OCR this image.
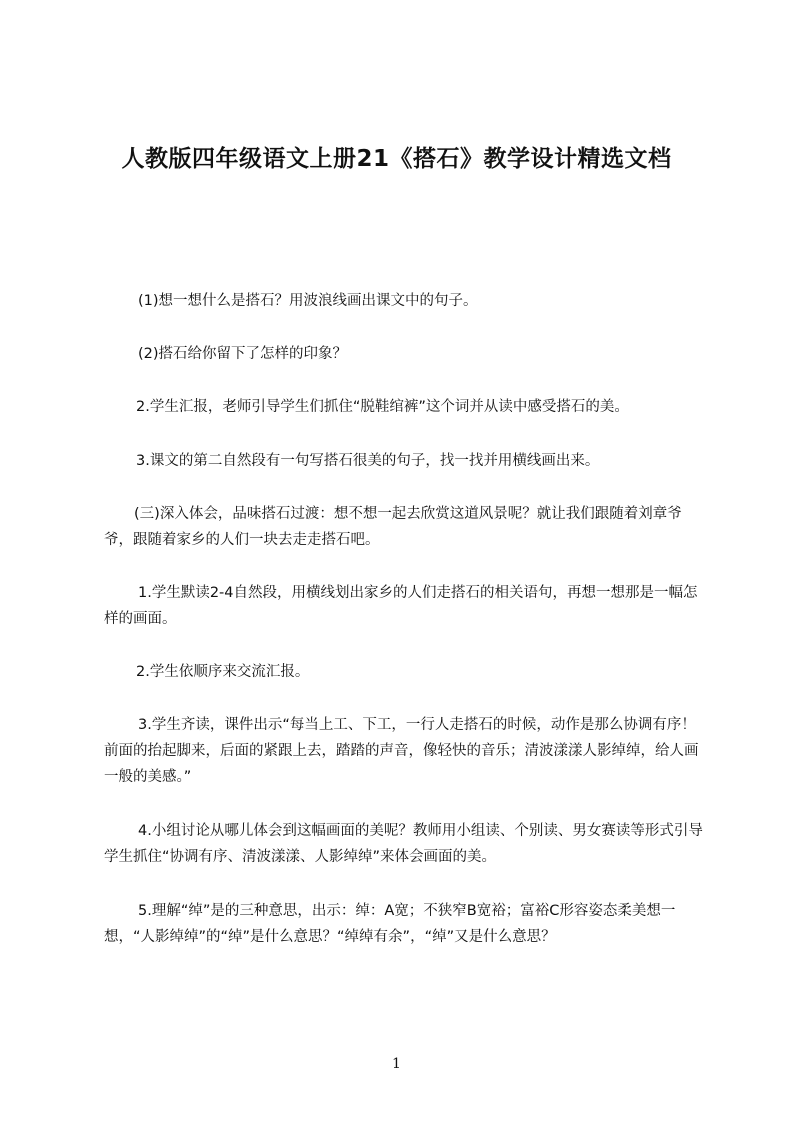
人教版四年级语文上册21《搭石》教学设计精选文档

(1)想一想什么是搭石？用波浪线画出课文中的句子。

(2)搭石给你留下了怎样的印象？

2.学生汇报，老师引导学生们抓住“脱鞋绾裤”这个词并从读中感受搭石的美。

3.课文的第二自然段有一句写搭石很美的句子，找一找并用横线画出来。

(三)深入体会，品味搭石过渡：想不想一起去欣赏这道风景呢？就让我们跟随着刘章爷爷，跟随着家乡的人们一块去走走搭石吧。

1.学生默读2-4自然段，用横线划出家乡的人们走搭石的相关语句，再想一想那是一幅怎样的画面。

2.学生依顺序来交流汇报。

3.学生齐读，课件出示“每当上工、下工，一行人走搭石的时候，动作是那么协调有序！前面的抬起脚来，后面的紧跟上去，踏踏的声音，像轻快的音乐；清波漾漾人影绰绰，给人画一般的美感。”

4.小组讨论从哪儿体会到这幅画面的美呢？教师用小组读、个别读、男女赛读等形式引导学生抓住“协调有序、清波漾漾、人影绰绰”来体会画面的美。

5.理解“绰”是的三种意思，出示：绰：A宽；不狭窄B宽裕；富裕C形容姿态柔美想一想，“人影绰绰”的“绰”是什么意思？“绰绰有余”，“绰”又是什么意思？

1
